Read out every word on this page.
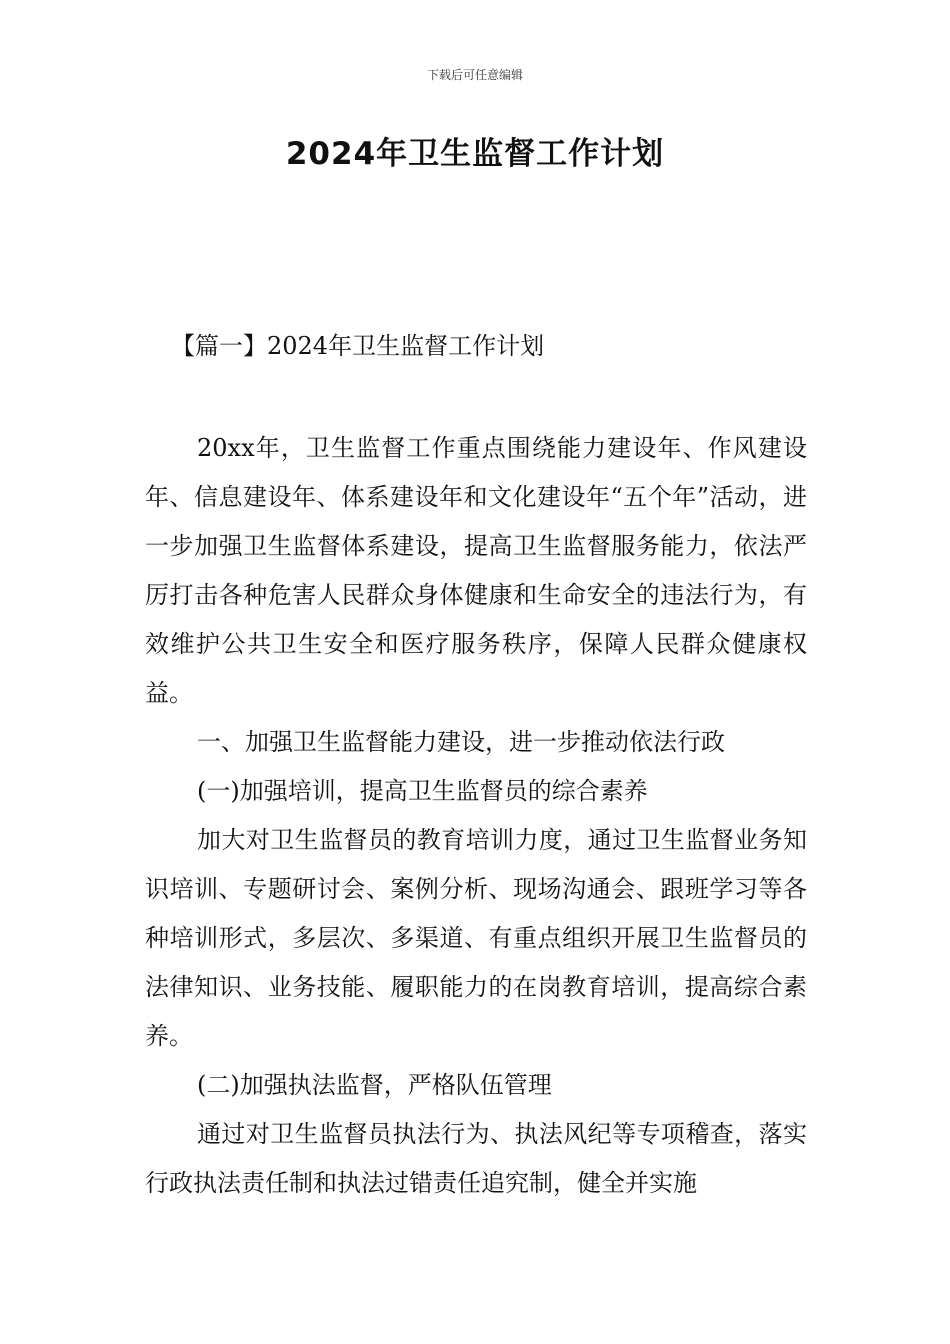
下载后可任意编辑
2024年卫生监督工作计划
【篇一】2024年卫生监督工作计划

20xx年，卫生监督工作重点围绕能力建设年、作风建设年、信息建设年、体系建设年和文化建设年“五个年”活动，进一步加强卫生监督体系建设，提高卫生监督服务能力，依法严厉打击各种危害人民群众身体健康和生命安全的违法行为，有效维护公共卫生安全和医疗服务秩序，保障人民群众健康权益。

一、加强卫生监督能力建设，进一步推动依法行政

(一)加强培训，提高卫生监督员的综合素养

加大对卫生监督员的教育培训力度，通过卫生监督业务知识培训、专题研讨会、案例分析、现场沟通会、跟班学习等各种培训形式，多层次、多渠道、有重点组织开展卫生监督员的法律知识、业务技能、履职能力的在岗教育培训，提高综合素养。

(二)加强执法监督，严格队伍管理

通过对卫生监督员执法行为、执法风纪等专项稽查，落实行政执法责任制和执法过错责任追究制，健全并实施
